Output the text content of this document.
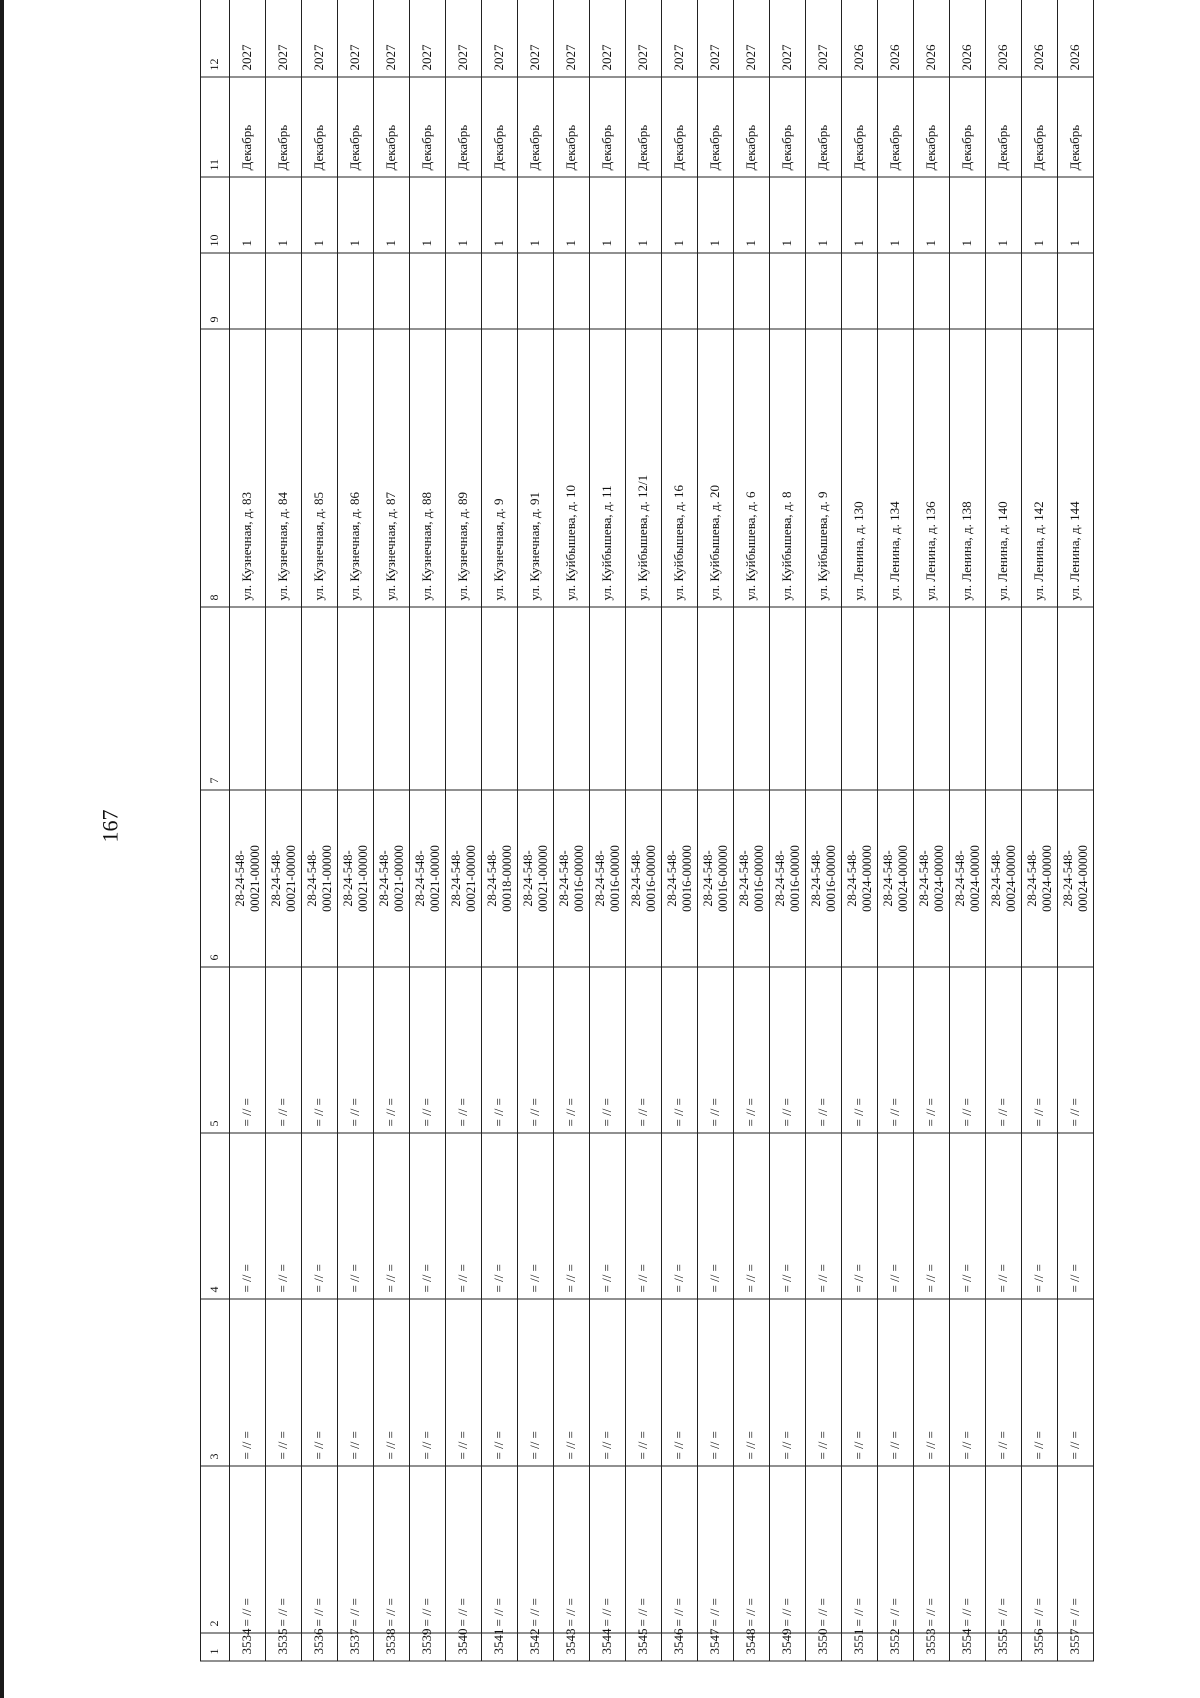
167
1	2	3	4	5	6	7	8	9	10	11	12
3534	= // =	= // =	= // =	= // =	28-24-548- 00021-00000		ул. Кузнечная, д. 83		1	Декабрь	2027
3535	= // =	= // =	= // =	= // =	28-24-548- 00021-00000		ул. Кузнечная, д. 84		1	Декабрь	2027
3536	= // =	= // =	= // =	= // =	28-24-548- 00021-00000		ул. Кузнечная, д. 85		1	Декабрь	2027
3537	= // =	= // =	= // =	= // =	28-24-548- 00021-00000		ул. Кузнечная, д. 86		1	Декабрь	2027
3538	= // =	= // =	= // =	= // =	28-24-548- 00021-00000		ул. Кузнечная, д. 87		1	Декабрь	2027
3539	= // =	= // =	= // =	= // =	28-24-548- 00021-00000		ул. Кузнечная, д. 88		1	Декабрь	2027
3540	= // =	= // =	= // =	= // =	28-24-548- 00021-00000		ул. Кузнечная, д. 89		1	Декабрь	2027
3541	= // =	= // =	= // =	= // =	28-24-548- 00018-00000		ул. Кузнечная, д. 9		1	Декабрь	2027
3542	= // =	= // =	= // =	= // =	28-24-548- 00021-00000		ул. Кузнечная, д. 91		1	Декабрь	2027
3543	= // =	= // =	= // =	= // =	28-24-548- 00016-00000		ул. Куйбышева, д. 10		1	Декабрь	2027
3544	= // =	= // =	= // =	= // =	28-24-548- 00016-00000		ул. Куйбышева, д. 11		1	Декабрь	2027
3545	= // =	= // =	= // =	= // =	28-24-548- 00016-00000		ул. Куйбышева, д. 12/1		1	Декабрь	2027
3546	= // =	= // =	= // =	= // =	28-24-548- 00016-00000		ул. Куйбышева, д. 16		1	Декабрь	2027
3547	= // =	= // =	= // =	= // =	28-24-548- 00016-00000		ул. Куйбышева, д. 20		1	Декабрь	2027
3548	= // =	= // =	= // =	= // =	28-24-548- 00016-00000		ул. Куйбышева, д. 6		1	Декабрь	2027
3549	= // =	= // =	= // =	= // =	28-24-548- 00016-00000		ул. Куйбышева, д. 8		1	Декабрь	2027
3550	= // =	= // =	= // =	= // =	28-24-548- 00016-00000		ул. Куйбышева, д. 9		1	Декабрь	2027
3551	= // =	= // =	= // =	= // =	28-24-548- 00024-00000		ул. Ленина, д. 130		1	Декабрь	2026
3552	= // =	= // =	= // =	= // =	28-24-548- 00024-00000		ул. Ленина, д. 134		1	Декабрь	2026
3553	= // =	= // =	= // =	= // =	28-24-548- 00024-00000		ул. Ленина, д. 136		1	Декабрь	2026
3554	= // =	= // =	= // =	= // =	28-24-548- 00024-00000		ул. Ленина, д. 138		1	Декабрь	2026
3555	= // =	= // =	= // =	= // =	28-24-548- 00024-00000		ул. Ленина, д. 140		1	Декабрь	2026
3556	= // =	= // =	= // =	= // =	28-24-548- 00024-00000		ул. Ленина, д. 142		1	Декабрь	2026
3557	= // =	= // =	= // =	= // =	28-24-548- 00024-00000		ул. Ленина, д. 144		1	Декабрь	2026
